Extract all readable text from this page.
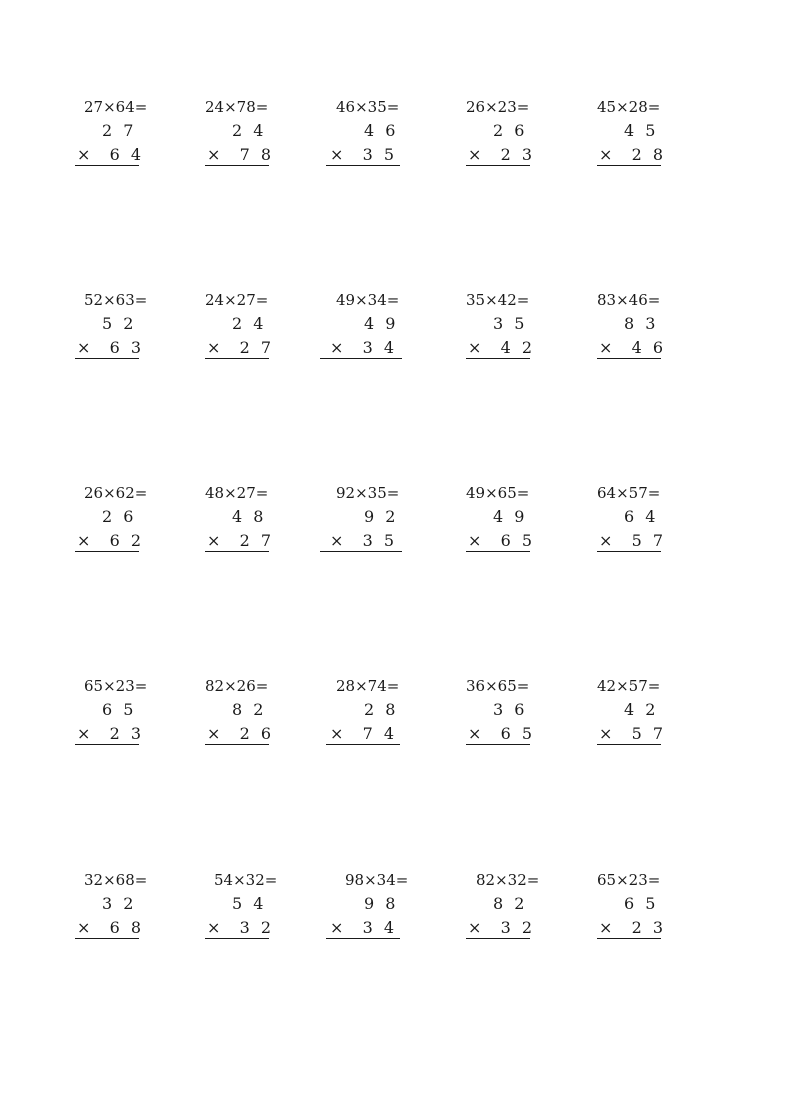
27×64=
2 7
×  6 4
24×78=
2 4
×  7 8
46×35=
4 6
×  3 5
26×23=
2 6
×  2 3
45×28=
4 5
×  2 8
52×63=
5 2
×  6 3
24×27=
2 4
×  2 7
49×34=
4 9
×  3 4
35×42=
3 5
×  4 2
83×46=
8 3
×  4 6
26×62=
2 6
×  6 2
48×27=
4 8
×  2 7
92×35=
9 2
×  3 5
49×65=
4 9
×  6 5
64×57=
6 4
×  5 7
65×23=
6 5
×  2 3
82×26=
8 2
×  2 6
28×74=
2 8
×  7 4
36×65=
3 6
×  6 5
42×57=
4 2
×  5 7
32×68=
3 2
×  6 8
54×32=
5 4
×  3 2
98×34=
9 8
×  3 4
82×32=
8 2
×  3 2
65×23=
6 5
×  2 3
